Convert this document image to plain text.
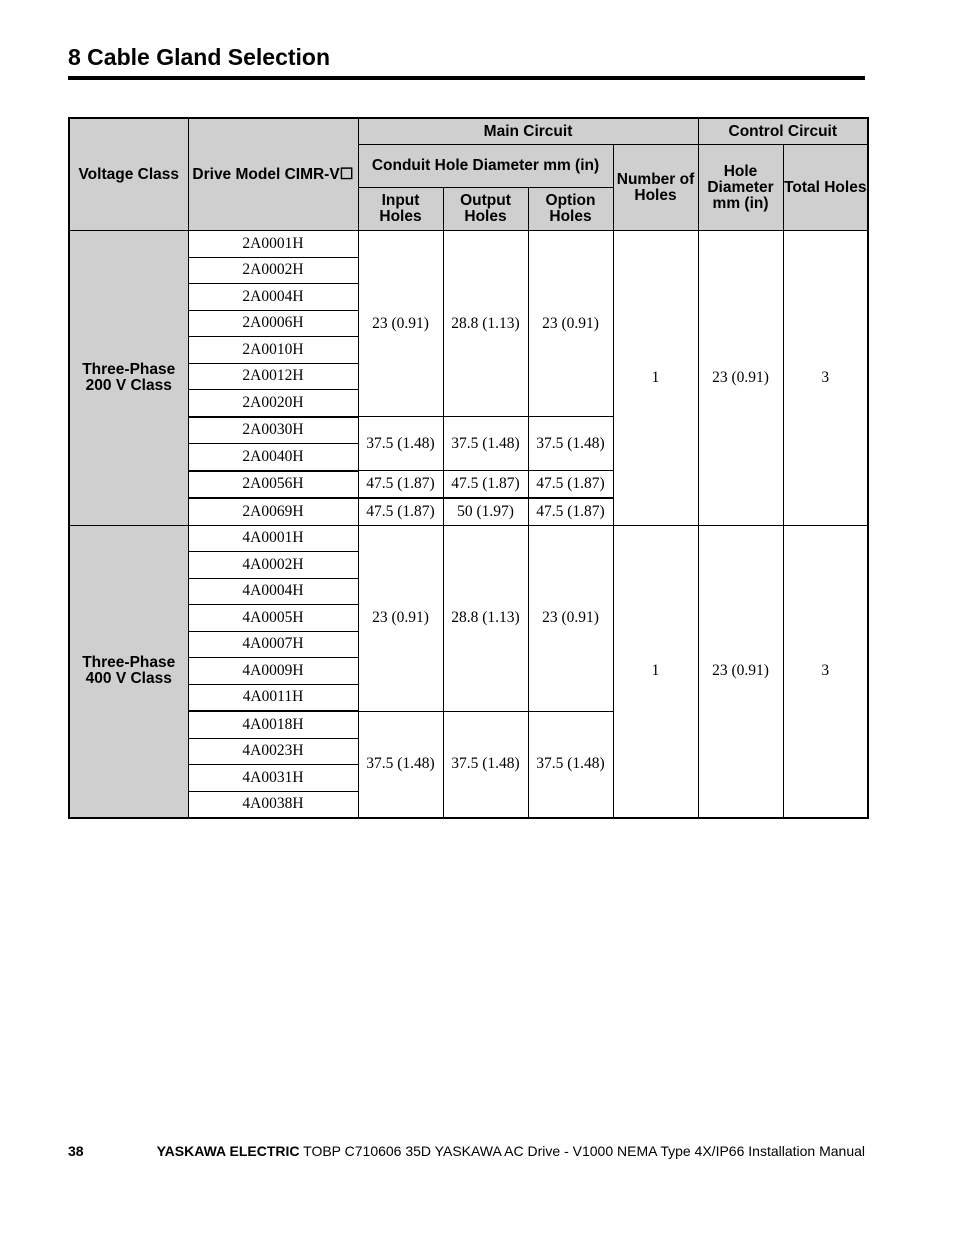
8 Cable Gland Selection
Voltage Class	Drive Model CIMR-V☐	Main Circuit				Control Circuit	
		Conduit Hole Diameter mm (in)			Number of Holes	Hole Diameter mm (in)	Total Holes
		Input Holes	Output Holes	Option Holes			
Three-Phase 200 V Class	2A0001H	23 (0.91)	28.8 (1.13)	23 (0.91)	1	23 (0.91)	3
	2A0002H						
	2A0004H						
	2A0006H						
	2A0010H						
	2A0012H						
	2A0020H						
	2A0030H	37.5 (1.48)	37.5 (1.48)	37.5 (1.48)			
	2A0040H						
	2A0056H	47.5 (1.87)	47.5 (1.87)	47.5 (1.87)			
	2A0069H	47.5 (1.87)	50 (1.97)	47.5 (1.87)			
Three-Phase 400 V Class	4A0001H	23 (0.91)	28.8 (1.13)	23 (0.91)	1	23 (0.91)	3
	4A0002H						
	4A0004H						
	4A0005H						
	4A0007H						
	4A0009H						
	4A0011H						
	4A0018H	37.5 (1.48)	37.5 (1.48)	37.5 (1.48)			
	4A0023H						
	4A0031H						
	4A0038H						
38	YASKAWA ELECTRIC TOBP C710606 35D YASKAWA AC Drive - V1000 NEMA Type 4X/IP66 Installation Manual
